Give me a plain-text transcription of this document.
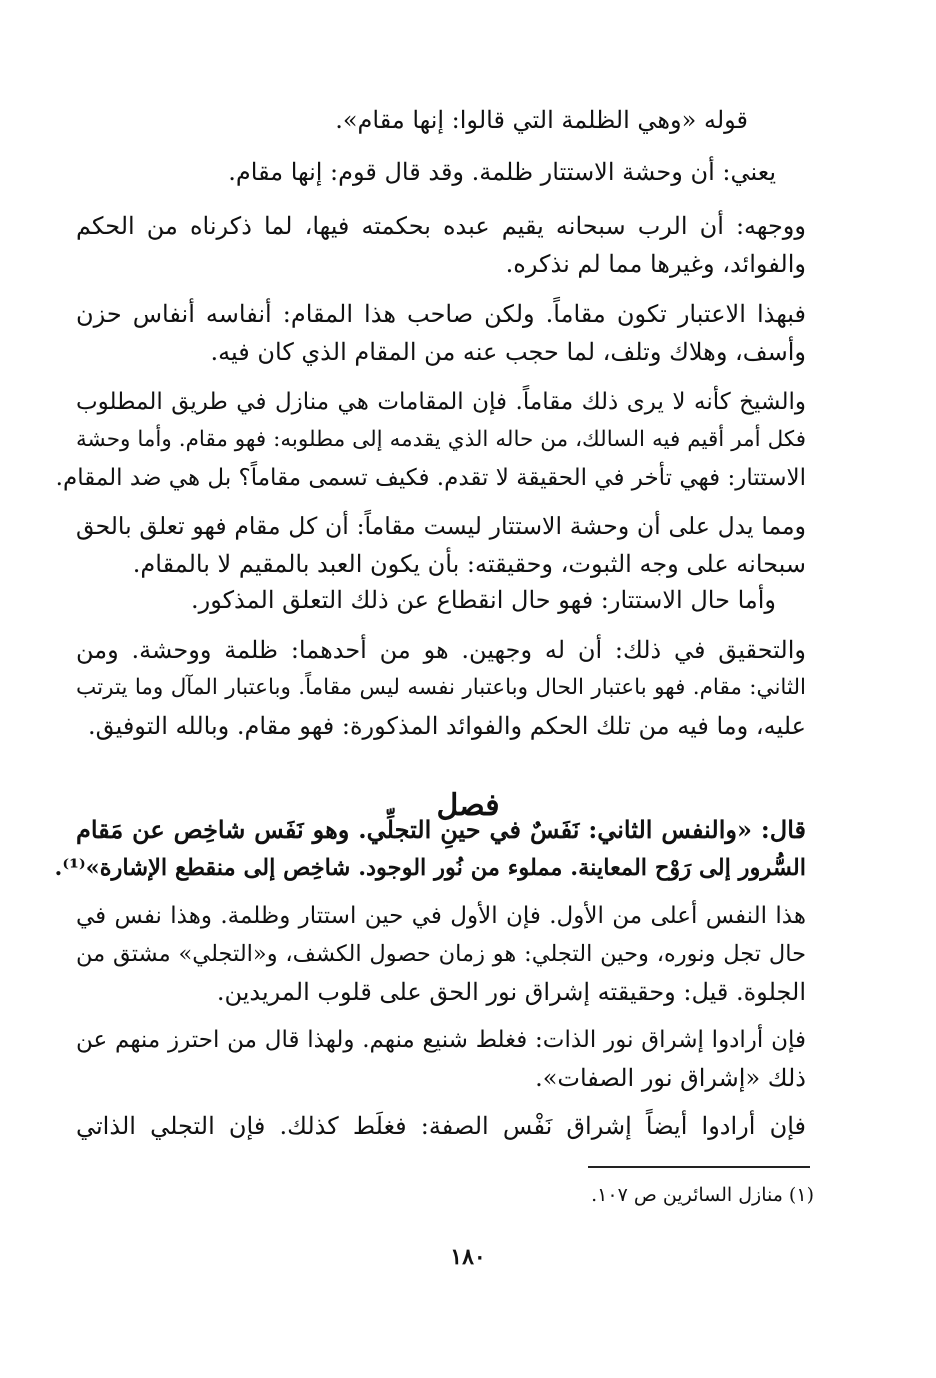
قوله «وهي الظلمة التي قالوا: إنها مقام».
يعني: أن وحشة الاستتار ظلمة. وقد قال قوم: إنها مقام.
ووجهه: أن الرب سبحانه يقيم عبده بحكمته فيها، لما ذكرناه من الحكم
والفوائد، وغيرها مما لم نذكره.
فبهذا الاعتبار تكون مقاماً. ولكن صاحب هذا المقام: أنفاسه أنفاس حزن
وأسف، وهلاك وتلف، لما حجب عنه من المقام الذي كان فيه.
والشيخ كأنه لا يرى ذلك مقاماً. فإن المقامات هي منازل في طريق المطلوب
فكل أمر أقيم فيه السالك، من حاله الذي يقدمه إلى مطلوبه: فهو مقام. وأما وحشة
الاستتار: فهي تأخر في الحقيقة لا تقدم. فكيف تسمى مقاماً؟ بل هي ضد المقام.
ومما يدل على أن وحشة الاستتار ليست مقاماً: أن كل مقام فهو تعلق بالحق
سبحانه على وجه الثبوت، وحقيقته: بأن يكون العبد بالمقيم لا بالمقام.
وأما حال الاستتار: فهو حال انقطاع عن ذلك التعلق المذكور.
والتحقيق في ذلك: أن له وجهين. هو من أحدهما: ظلمة ووحشة. ومن
الثاني: مقام. فهو باعتبار الحال وباعتبار نفسه ليس مقاماً. وباعتبار المآل وما يترتب
عليه، وما فيه من تلك الحكم والفوائد المذكورة: فهو مقام. وبالله التوفيق.
فصل
قال: «والنفس الثاني: نَفَسٌ في حينِ التجلِّي. وهو نَفَس شاخِص عن مَقام
السُّرور إلى رَوْح المعاينة. مملوء من نُور الوجود. شاخِص إلى منقطع الإشارة»⁽¹⁾.
هذا النفس أعلى من الأول. فإن الأول في حين استتار وظلمة. وهذا نفس في
حال تجل ونوره، وحين التجلي: هو زمان حصول الكشف، و«التجلي» مشتق من
الجلوة. قيل: وحقيقته إشراق نور الحق على قلوب المريدين.
فإن أرادوا إشراق نور الذات: فغلط شنيع منهم. ولهذا قال من احترز منهم عن
ذلك «إشراق نور الصفات».
فإن أرادوا أيضاً إشراق نَفْس الصفة: فغلَط كذلك. فإن التجلي الذاتي
(١) منازل السائرين ص ١٠٧.
١٨٠
